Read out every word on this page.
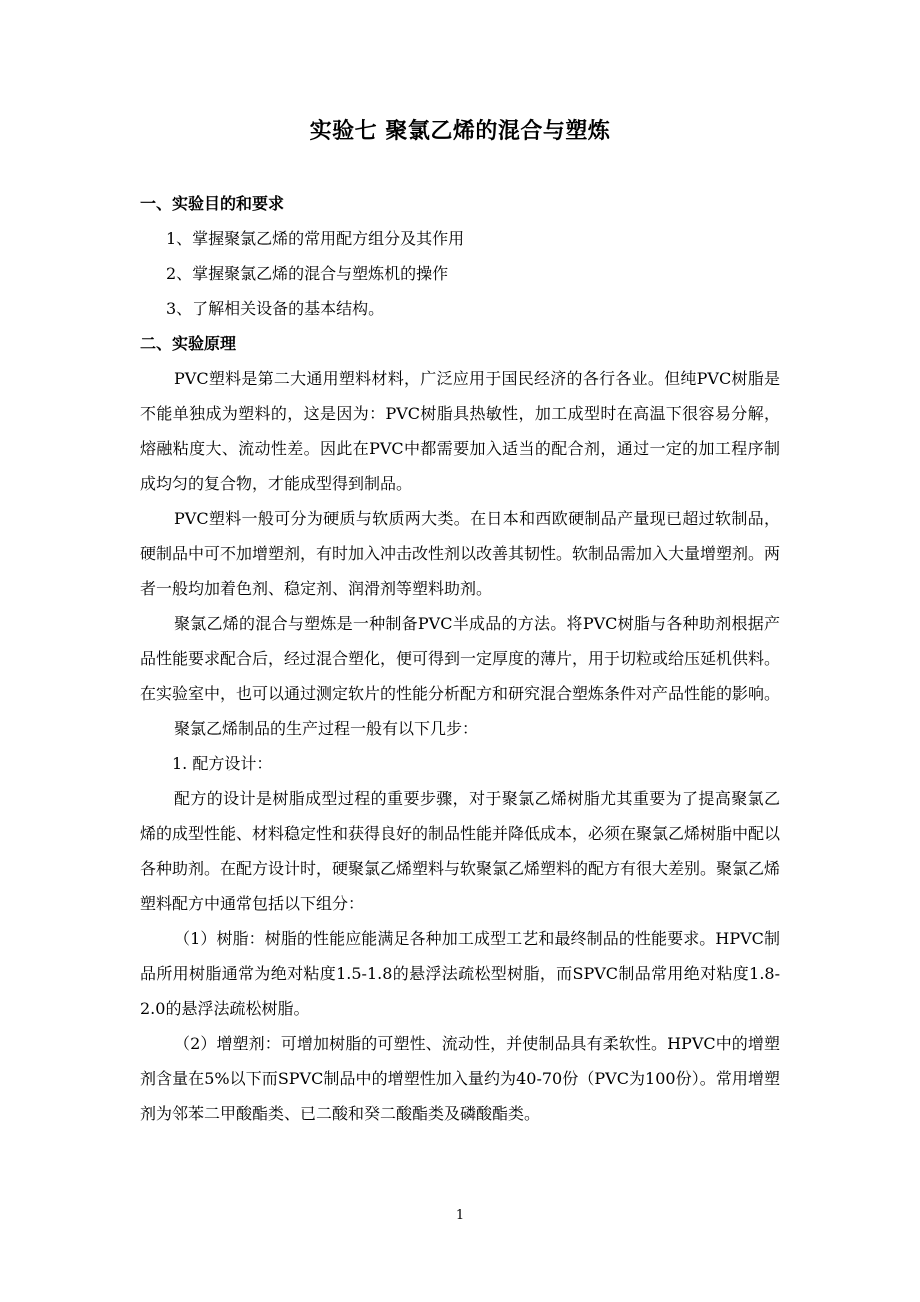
实验七 聚氯乙烯的混合与塑炼

一、实验目的和要求

1、掌握聚氯乙烯的常用配方组分及其作用

2、掌握聚氯乙烯的混合与塑炼机的操作

3、了解相关设备的基本结构。

二、实验原理

PVC塑料是第二大通用塑料材料，广泛应用于国民经济的各行各业。但纯PVC树脂是不能单独成为塑料的，这是因为：PVC树脂具热敏性，加工成型时在高温下很容易分解，熔融粘度大、流动性差。因此在PVC中都需要加入适当的配合剂，通过一定的加工程序制成均匀的复合物，才能成型得到制品。

PVC塑料一般可分为硬质与软质两大类。在日本和西欧硬制品产量现已超过软制品，硬制品中可不加增塑剂，有时加入冲击改性剂以改善其韧性。软制品需加入大量增塑剂。两者一般均加着色剂、稳定剂、润滑剂等塑料助剂。

聚氯乙烯的混合与塑炼是一种制备PVC半成品的方法。将PVC树脂与各种助剂根据产品性能要求配合后，经过混合塑化，便可得到一定厚度的薄片，用于切粒或给压延机供料。在实验室中，也可以通过测定软片的性能分析配方和研究混合塑炼条件对产品性能的影响。

聚氯乙烯制品的生产过程一般有以下几步：

1. 配方设计：

配方的设计是树脂成型过程的重要步骤，对于聚氯乙烯树脂尤其重要为了提高聚氯乙烯的成型性能、材料稳定性和获得良好的制品性能并降低成本，必须在聚氯乙烯树脂中配以各种助剂。在配方设计时，硬聚氯乙烯塑料与软聚氯乙烯塑料的配方有很大差别。聚氯乙烯塑料配方中通常包括以下组分：

（1）树脂：树脂的性能应能满足各种加工成型工艺和最终制品的性能要求。HPVC制品所用树脂通常为绝对粘度1.5-1.8的悬浮法疏松型树脂，而SPVC制品常用绝对粘度1.8-2.0的悬浮法疏松树脂。

（2）增塑剂：可增加树脂的可塑性、流动性，并使制品具有柔软性。HPVC中的增塑剂含量在5%以下而SPVC制品中的增塑性加入量约为40-70份（PVC为100份）。常用增塑剂为邻苯二甲酸酯类、已二酸和癸二酸酯类及磷酸酯类。

1
